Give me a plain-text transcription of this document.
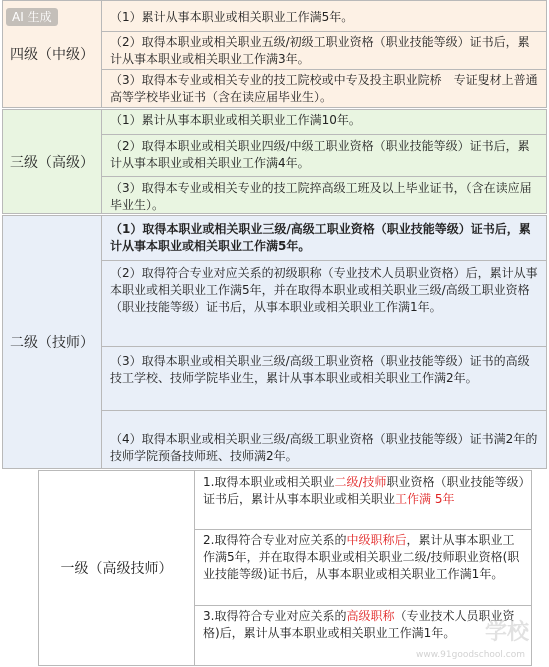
四级（中级）
（1）累计从事本职业或相关职业工作满5年。
（2）取得本职业或相关职业五级/初级工职业资格（职业技能等级）证书后，累计从事本职业或相关职业工作满3年。
（3）取得本专业或相关专业的技工院校或中专及投主职业院桥　专证叟材上普通高等学校毕业证书（含在读应届毕业生）。
三级（高级）
（1）累计从事本职业或相关职业工作满10年。
（2）取得本职业或相关职业四级/中级工职业资格（职业技能等级）证书后，累计从事本职业或相关职业工作满4年。
（3）取得本专业或相关专业的技工院捽高级工班及以上毕业证书，（含在读应届毕业生）。
二级（技师）
（1）取得本职业或相关职业三级/高级工职业资格（职业技能等级）证书后，累计从事本职业或相关职业工作满5年。
（2）取得符合专业对应关系的初级职称（专业技术人员职业资格）后，累计从事本职业或相关职业工作满5年，并在取得本职业或相关职业三级/高级工职业资格（职业技能等级）证书后，从事本职业或相关职业工作满1年。
（3）取得本职业或相关职业三级/高级工职业资格（职业技能等级）证书的高级技工学校、技师学院毕业生，累计从事本职业或相关职业工作满2年。
（4）取得本职业或相关职业三级/高级工职业资格（职业技能等级）证书满2年的技师学院预备技师班、技师满2年。
一级（高级技师）
1.取得本职业或相关职业二级/技师职业资格（职业技能等级）证书后，累计从事本职业或相关职业工作满 5年
2.取得符合专业对应关系的中级职称后，累计从事本职业工作满5年，并在取得本职业或相关职业二级/技师职业资格(职业技能等级)证书后，从事本职业或相关职业工作满1年。
3.取得符合专业对应关系的高级职称（专业技术人员职业资格)后，累计从事本职业或相关职业工作满1年。
AI 生成
学校
www.91goodschool.com
